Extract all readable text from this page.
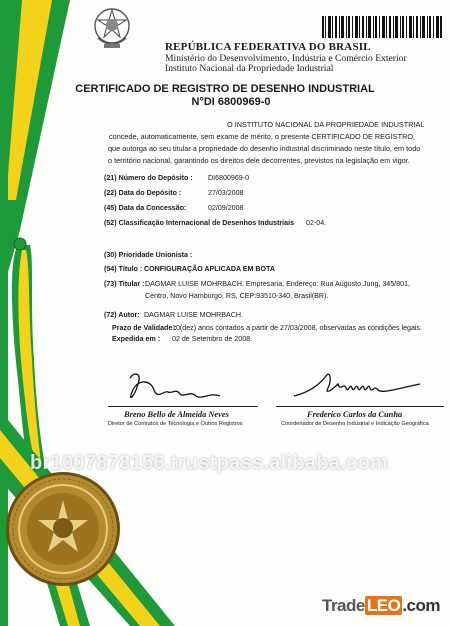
REPÚBLICA FEDERATIVA DO BRASIL
Ministério do Desenvolvimento, Indústria e Comércio Exterior
Instituto Nacional da Propriedade Industrial
CERTIFICADO DE REGISTRO DE DESENHO INDUSTRIAL
N°DI 6800969-0
O INSTITUTO NACIONAL DA PROPRIEDADE INDUSTRIAL
concede, automaticamente, sem exame de mérito, o presente CERTIFICADO DE REGISTRO,
que outorga ao seu titular a propriedade do desenho industrial discriminado neste título, em todo
o território nacional, garantindo os direitos dele decorrentes, previstos na legislação em vigor.
(21) Número do Depósito : DI6800969-0
(22) Data do Depósito :	27/03/2008
(45) Data da Concessão:	02/09/2008
(52) Classificação Internacional de Desenhos Industriais 02-04.
(30) Prioridade Unionista :
(54) Título : CONFIGURAÇÃO APLICADA EM BOTA
(73) Titular : DAGMAR LUISE MOHRBACH. Empresaria, Endereço: Rua Augusto Jung, 345/801,
Centro, Novo Hamburgo, RS, CEP:93510-340, Brasil(BR).
(72) Autor: DAGMAR LUISE MOHRBACH.
Prazo de Validade :
10(dez) anos contados a partir de 27/03/2008, observadas as condições legais.
Expedida em : 02 de Setembro de 2008.
Breno Bello de Almeida Neves
Diretor de Contratos de Tecnologia e Outros Registros
Frederico Carlos da Cunha
Coordenador de Desenho Industrial e Indicação Geográfica
br1007878156.trustpass.alibaba.com
Trade LEO .com
